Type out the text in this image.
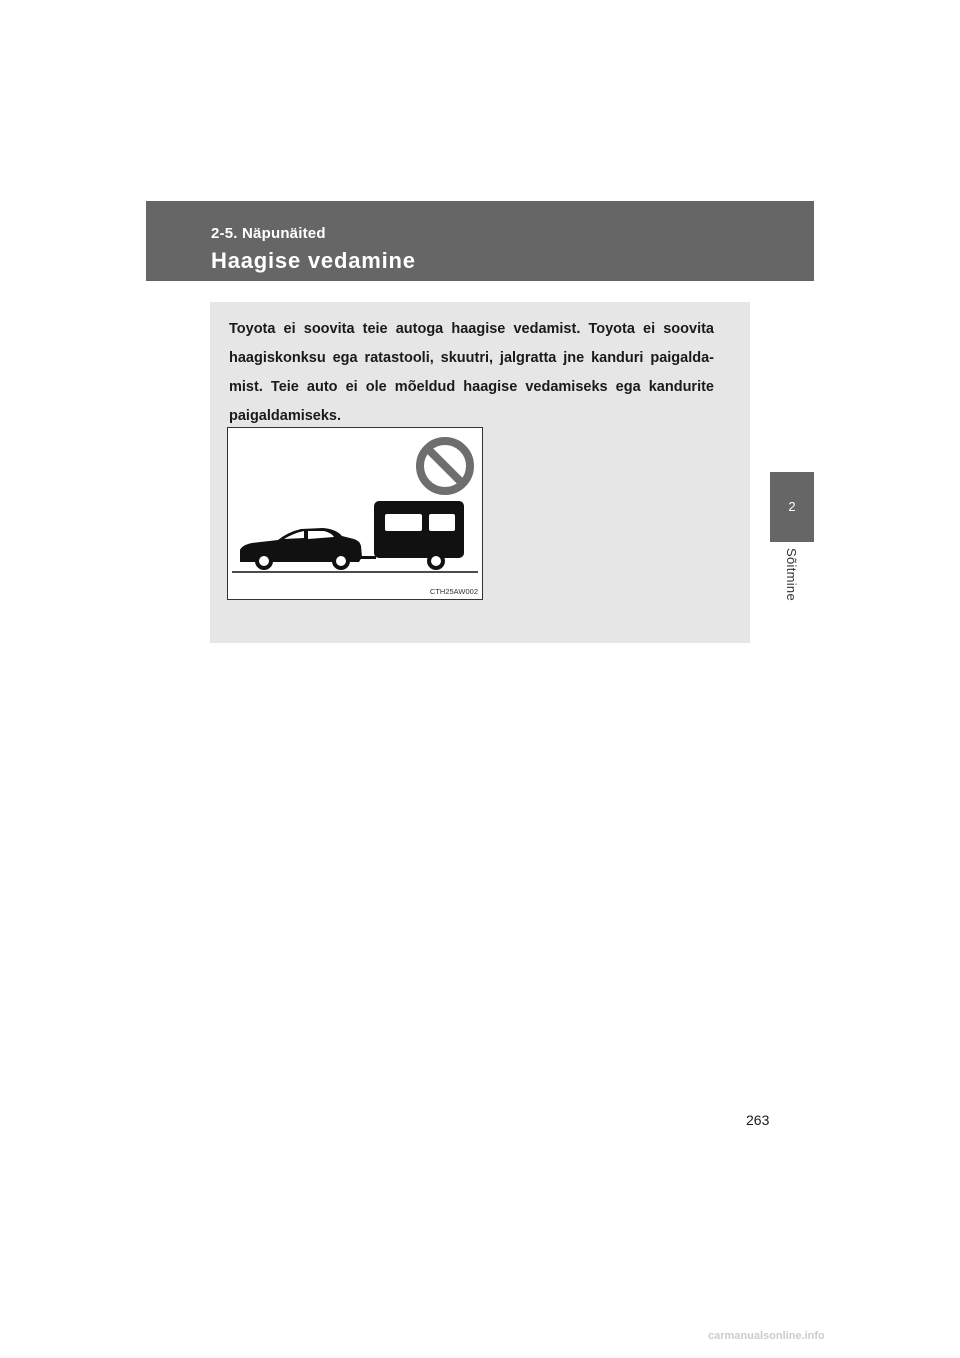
2-5. Näpunäited
Haagise vedamine
2
Sõitmine

Toyota ei soovita teie autoga haagise vedamist. Toyota ei soovita haagiskonksu ega ratastooli, skuutri, jalgratta jne kanduri paigalda-mist. Teie auto ei ole mõeldud haagise vedamiseks ega kandurite paigaldamiseks.

CTH25AW002
263
carmanualsonline.info
